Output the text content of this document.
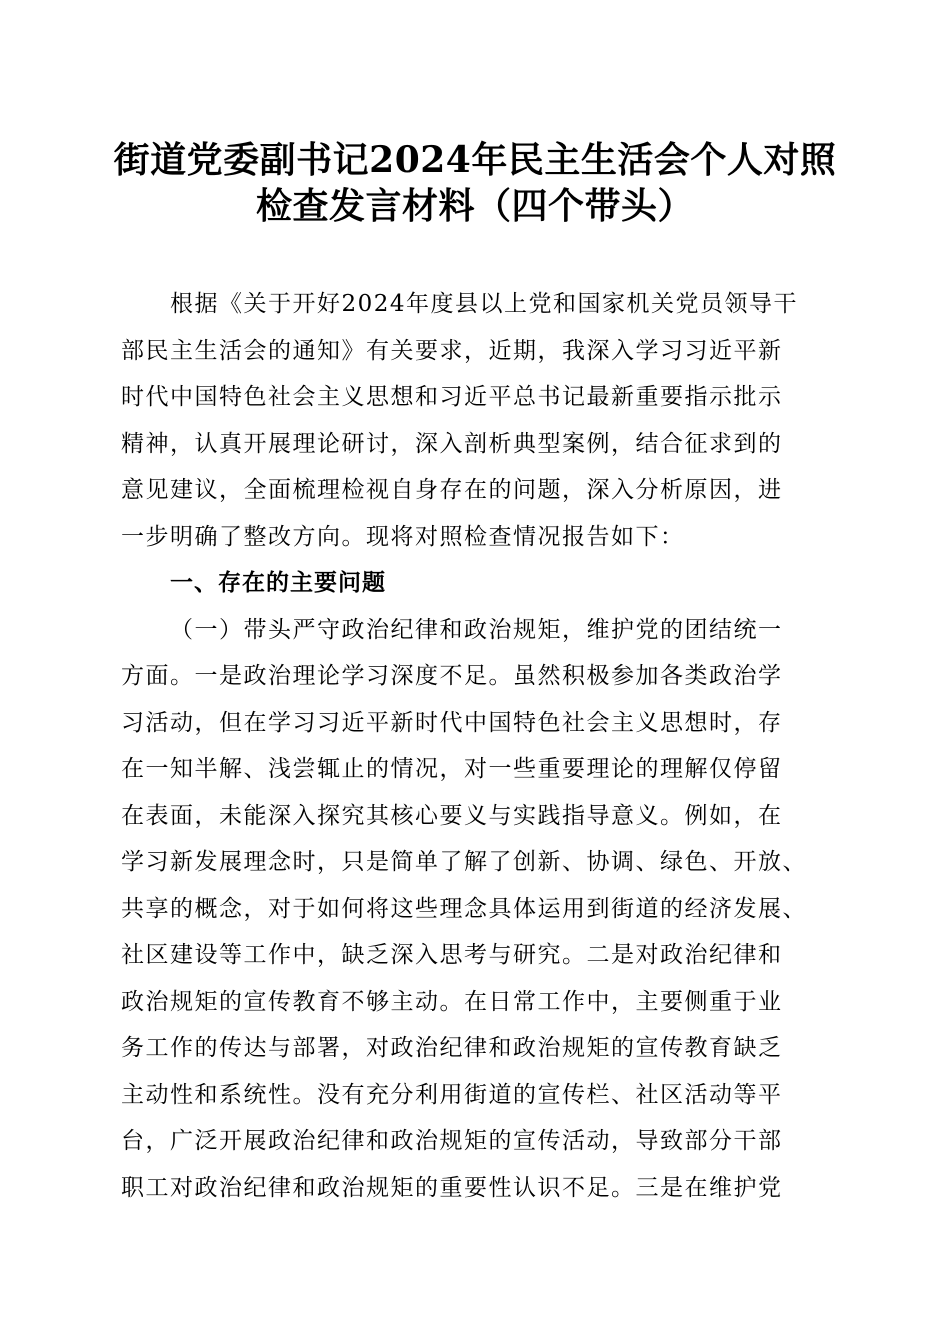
街道党委副书记2024年民主生活会个人对照
检查发言材料（四个带头）
根据《关于开好2024年度县以上党和国家机关党员领导干
部民主生活会的通知》有关要求，近期，我深入学习习近平新
时代中国特色社会主义思想和习近平总书记最新重要指示批示
精神，认真开展理论研讨，深入剖析典型案例，结合征求到的
意见建议，全面梳理检视自身存在的问题，深入分析原因，进
一步明确了整改方向。现将对照检查情况报告如下：
一、存在的主要问题
（一）带头严守政治纪律和政治规矩，维护党的团结统一
方面。一是政治理论学习深度不足。虽然积极参加各类政治学
习活动，但在学习习近平新时代中国特色社会主义思想时，存
在一知半解、浅尝辄止的情况，对一些重要理论的理解仅停留
在表面，未能深入探究其核心要义与实践指导意义。例如，在
学习新发展理念时，只是简单了解了创新、协调、绿色、开放、
共享的概念，对于如何将这些理念具体运用到街道的经济发展、
社区建设等工作中，缺乏深入思考与研究。二是对政治纪律和
政治规矩的宣传教育不够主动。在日常工作中，主要侧重于业
务工作的传达与部署，对政治纪律和政治规矩的宣传教育缺乏
主动性和系统性。没有充分利用街道的宣传栏、社区活动等平
台，广泛开展政治纪律和政治规矩的宣传活动，导致部分干部
职工对政治纪律和政治规矩的重要性认识不足。三是在维护党
